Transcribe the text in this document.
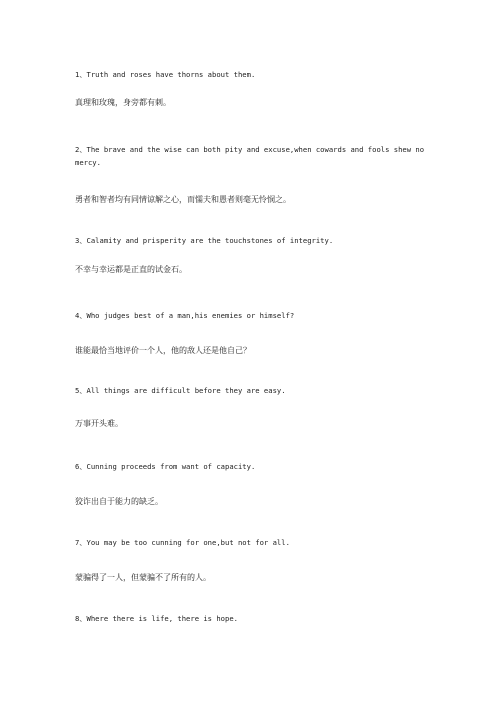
1、Truth and roses have thorns about them.
真理和玫瑰，身旁都有刺。
2、The brave and the wise can both pity and excuse,when cowards and fools shew no mercy.
勇者和智者均有同情谅解之心，而懦夫和愚者则毫无怜悯之。
3、Calamity and prisperity are the touchstones of integrity.
不幸与幸运都是正直的试金石。
4、Who judges best of a man,his enemies or himself?
谁能最恰当地评价一个人，他的敌人还是他自己？
5、All things are difficult before they are easy.
万事开头难。
6、Cunning proceeds from want of capacity.
狡诈出自于能力的缺乏。
7、You may be too cunning for one,but not for all.
蒙骗得了一人，但蒙骗不了所有的人。
8、Where there is life, there is hope.
